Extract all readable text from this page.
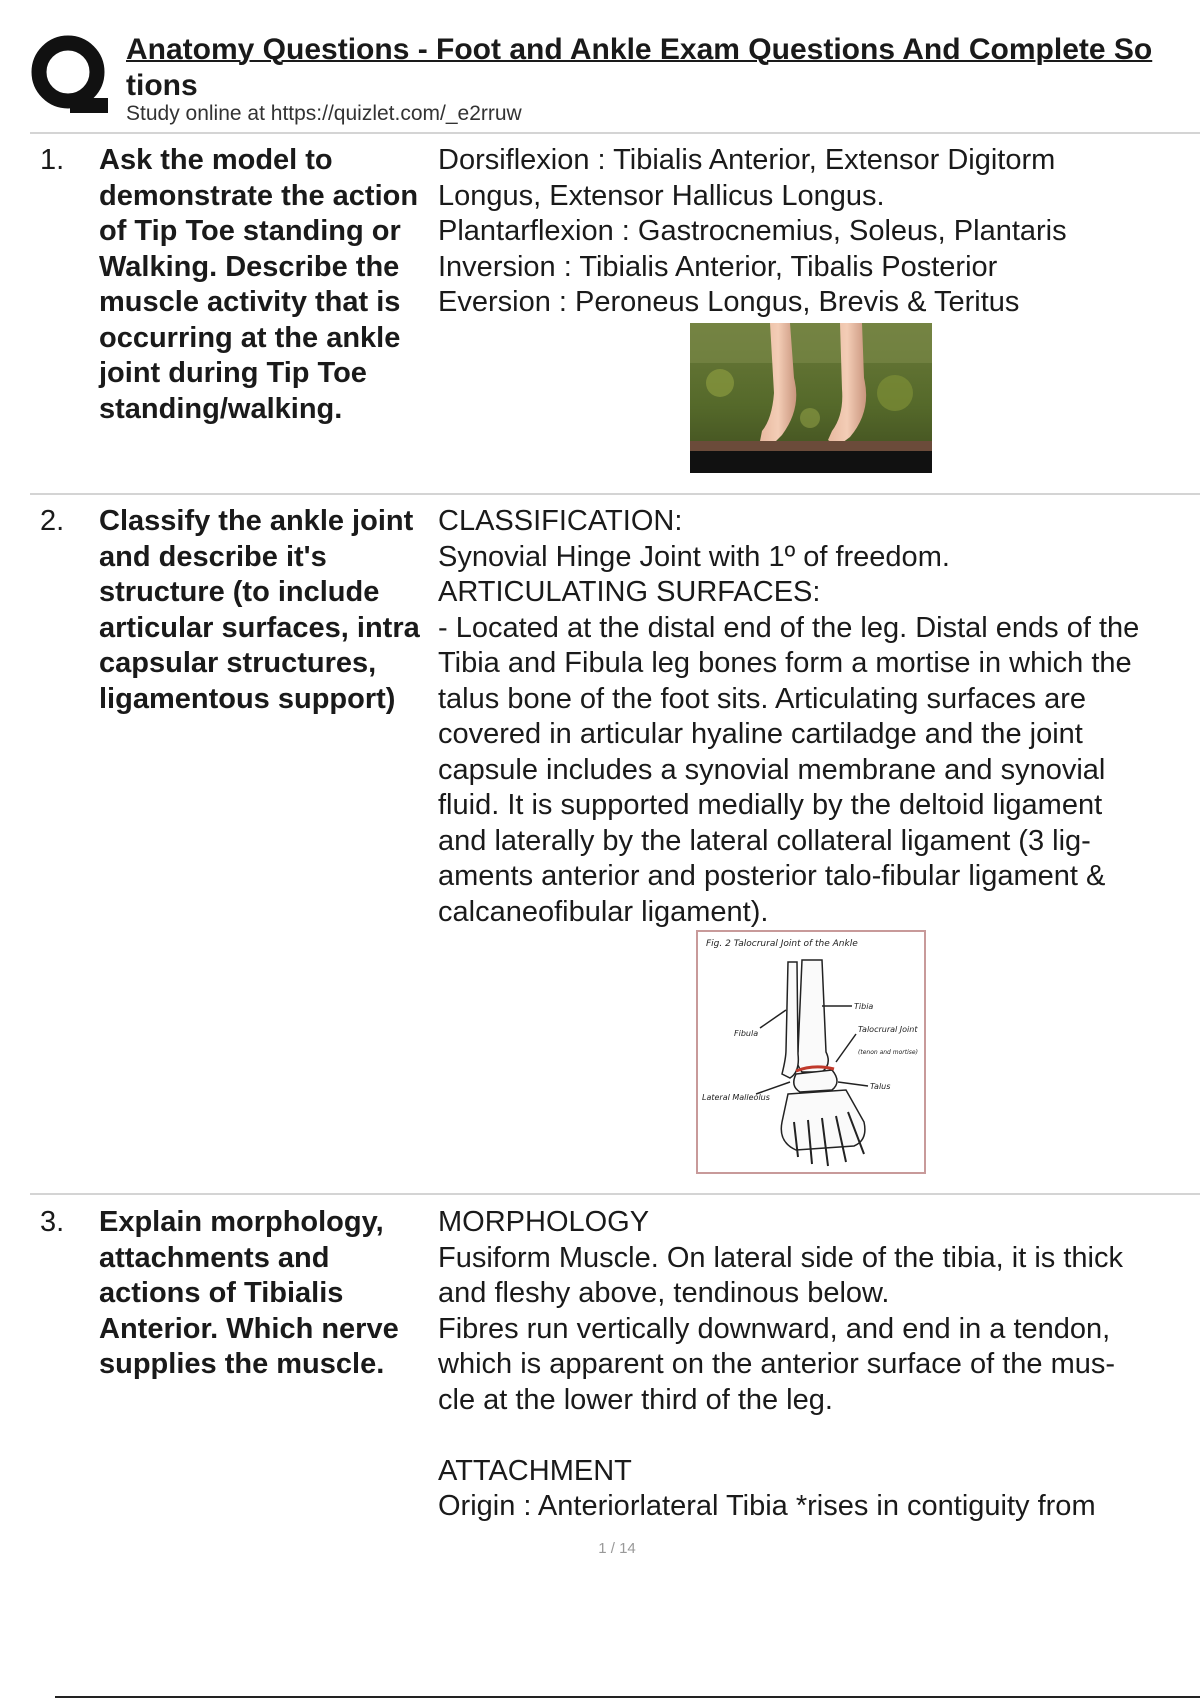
Anatomy Questions - Foot and Ankle Exam Questions And Complete So
tions
Study online at https://quizlet.com/_e2rruw
1. Ask the model to demonstrate the action of Tip Toe standing or Walking. Describe the muscle activity that is occurring at the ankle joint during Tip Toe standing/walking.
Dorsiflexion : Tibialis Anterior, Extensor Digitorm
Longus, Extensor Hallicus Longus.
Plantarflexion : Gastrocnemius, Soleus, Plantaris
Inversion : Tibialis Anterior, Tibalis Posterior
Eversion : Peroneus Longus, Brevis & Teritus
2. Classify the ankle joint and describe it's structure (to include articular surfaces, intra capsular structures, ligamentous support)
CLASSIFICATION:
Synovial Hinge Joint with 1º of freedom.
ARTICULATING SURFACES:
- Located at the distal end of the leg. Distal ends of the
Tibia and Fibula leg bones form a mortise in which the
talus bone of the foot sits. Articulating surfaces are
covered in articular hyaline cartiladge and the joint
capsule includes a synovial membrane and synovial
fluid. It is supported medially by the deltoid ligament
and laterally by the lateral collateral ligament (3 lig-
aments anterior and posterior talo-fibular ligament &
calcaneofibular ligament).
Fig. 2 Talocrural Joint of the Ankle
Tibia
Fibula	Talocrural Joint
(tenon and mortise)
Talus
Lateral Malleolus
3. Explain morphology, attachments and actions of Tibialis Anterior. Which nerve supplies the muscle.
MORPHOLOGY
Fusiform Muscle. On lateral side of the tibia, it is thick
and fleshy above, tendinous below.
Fibres run vertically downward, and end in a tendon,
which is apparent on the anterior surface of the mus-
cle at the lower third of the leg.
ATTACHMENT
Origin : Anteriorlateral Tibia *rises in contiguity from
1 / 14
